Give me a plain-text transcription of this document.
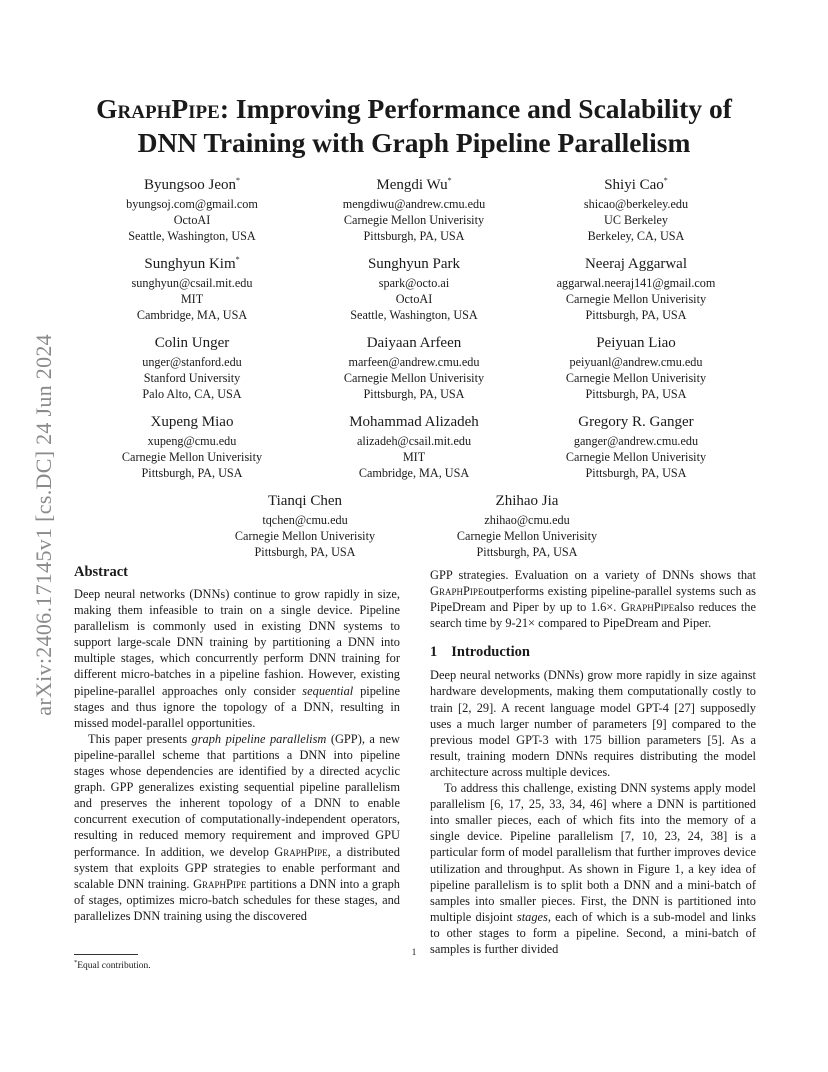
arXiv:2406.17145v1 [cs.DC] 24 Jun 2024
GraphPipe: Improving Performance and Scalability of
DNN Training with Graph Pipeline Parallelism
Byungsoo Jeon*
byungsoj.com@gmail.com
OctoAI
Seattle, Washington, USA
Mengdi Wu*
mengdiwu@andrew.cmu.edu
Carnegie Mellon Univerisity
Pittsburgh, PA, USA
Shiyi Cao*
shicao@berkeley.edu
UC Berkeley
Berkeley, CA, USA
Sunghyun Kim*
sunghyun@csail.mit.edu
MIT
Cambridge, MA, USA
Sunghyun Park
spark@octo.ai
OctoAI
Seattle, Washington, USA
Neeraj Aggarwal
aggarwal.neeraj141@gmail.com
Carnegie Mellon Univerisity
Pittsburgh, PA, USA
Colin Unger
unger@stanford.edu
Stanford University
Palo Alto, CA, USA
Daiyaan Arfeen
marfeen@andrew.cmu.edu
Carnegie Mellon Univerisity
Pittsburgh, PA, USA
Peiyuan Liao
peiyuanl@andrew.cmu.edu
Carnegie Mellon Univerisity
Pittsburgh, PA, USA
Xupeng Miao
xupeng@cmu.edu
Carnegie Mellon Univerisity
Pittsburgh, PA, USA
Mohammad Alizadeh
alizadeh@csail.mit.edu
MIT
Cambridge, MA, USA
Gregory R. Ganger
ganger@andrew.cmu.edu
Carnegie Mellon Univerisity
Pittsburgh, PA, USA
Tianqi Chen
tqchen@cmu.edu
Carnegie Mellon Univerisity
Pittsburgh, PA, USA
Zhihao Jia
zhihao@cmu.edu
Carnegie Mellon Univerisity
Pittsburgh, PA, USA
Abstract

Deep neural networks (DNNs) continue to grow rapidly in size, making them infeasible to train on a single device. Pipeline parallelism is commonly used in existing DNN systems to support large-scale DNN training by partitioning a DNN into multiple stages, which concurrently perform DNN training for different micro-batches in a pipeline fashion. However, existing pipeline-parallel approaches only consider sequential pipeline stages and thus ignore the topology of a DNN, resulting in missed model-parallel opportunities.

This paper presents graph pipeline parallelism (GPP), a new pipeline-parallel scheme that partitions a DNN into pipeline stages whose dependencies are identified by a directed acyclic graph. GPP generalizes existing sequential pipeline parallelism and preserves the inherent topology of a DNN to enable concurrent execution of computationally-independent operators, resulting in reduced memory requirement and improved GPU performance. In addition, we develop GraphPipe, a distributed system that exploits GPP strategies to enable performant and scalable DNN training. GraphPipe partitions a DNN into a graph of stages, optimizes micro-batch schedules for these stages, and parallelizes DNN training using the discovered

GPP strategies. Evaluation on a variety of DNNs shows that GraphPipeoutperforms existing pipeline-parallel systems such as PipeDream and Piper by up to 1.6×. GraphPipealso reduces the search time by 9-21× compared to PipeDream and Piper.

1 Introduction

Deep neural networks (DNNs) grow more rapidly in size against hardware developments, making them computationally costly to train [2, 29]. A recent language model GPT-4 [27] supposedly uses a much larger number of parameters [9] compared to the previous model GPT-3 with 175 billion parameters [5]. As a result, training modern DNNs requires distributing the model architecture across multiple devices.

To address this challenge, existing DNN systems apply model parallelism [6, 17, 25, 33, 34, 46] where a DNN is partitioned into smaller pieces, each of which fits into the memory of a single device. Pipeline parallelism [7, 10, 23, 24, 38] is a particular form of model parallelism that further improves device utilization and throughput. As shown in Figure 1, a key idea of pipeline parallelism is to split both a DNN and a mini-batch of samples into smaller pieces. First, the DNN is partitioned into multiple disjoint stages, each of which is a sub-model and links to other stages to form a pipeline. Second, a mini-batch of samples is further divided

*Equal contribution.
1
